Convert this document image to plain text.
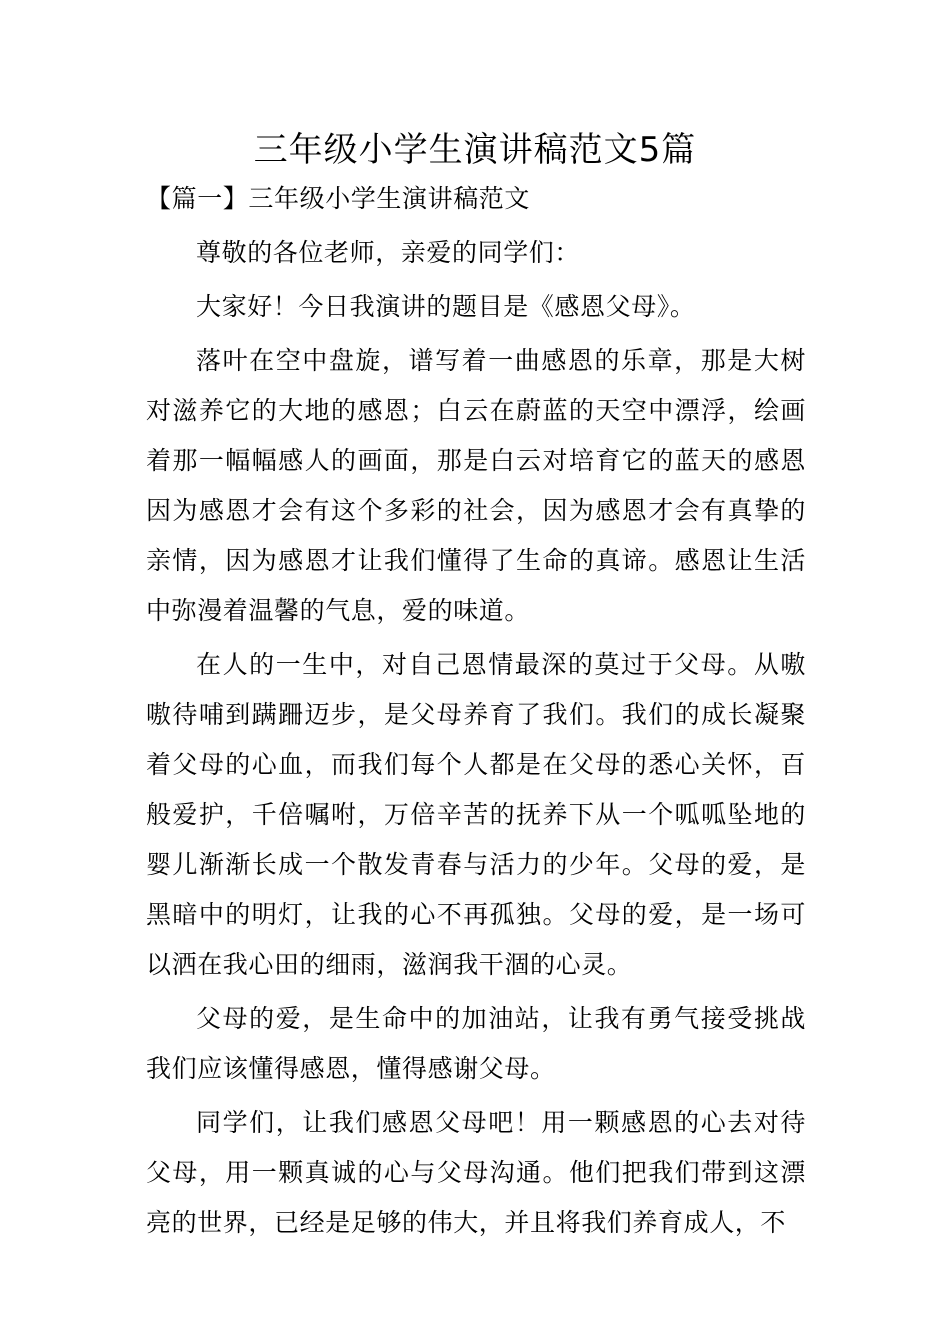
三年级小学生演讲稿范文5篇

【篇一】三年级小学生演讲稿范文

尊敬的各位老师，亲爱的同学们：

大家好！今日我演讲的题目是《感恩父母》。

落叶在空中盘旋，谱写着一曲感恩的乐章，那是大树对滋养它的大地的感恩；白云在蔚蓝的天空中漂浮，绘画着那一幅幅感人的画面，那是白云对培育它的蓝天的感恩因为感恩才会有这个多彩的社会，因为感恩才会有真挚的亲情，因为感恩才让我们懂得了生命的真谛。感恩让生活中弥漫着温馨的气息，爱的味道。

在人的一生中，对自己恩情最深的莫过于父母。从嗷嗷待哺到蹒跚迈步，是父母养育了我们。我们的成长凝聚着父母的心血，而我们每个人都是在父母的悉心关怀，百般爱护，千倍嘱咐，万倍辛苦的抚养下从一个呱呱坠地的婴儿渐渐长成一个散发青春与活力的少年。父母的爱，是黑暗中的明灯，让我的心不再孤独。父母的爱，是一场可以洒在我心田的细雨，滋润我干涸的心灵。

父母的爱，是生命中的加油站，让我有勇气接受挑战我们应该懂得感恩，懂得感谢父母。

同学们，让我们感恩父母吧！用一颗感恩的心去对待父母，用一颗真诚的心与父母沟通。他们把我们带到这漂亮的世界，已经是足够的伟大，并且将我们养育成人，不
